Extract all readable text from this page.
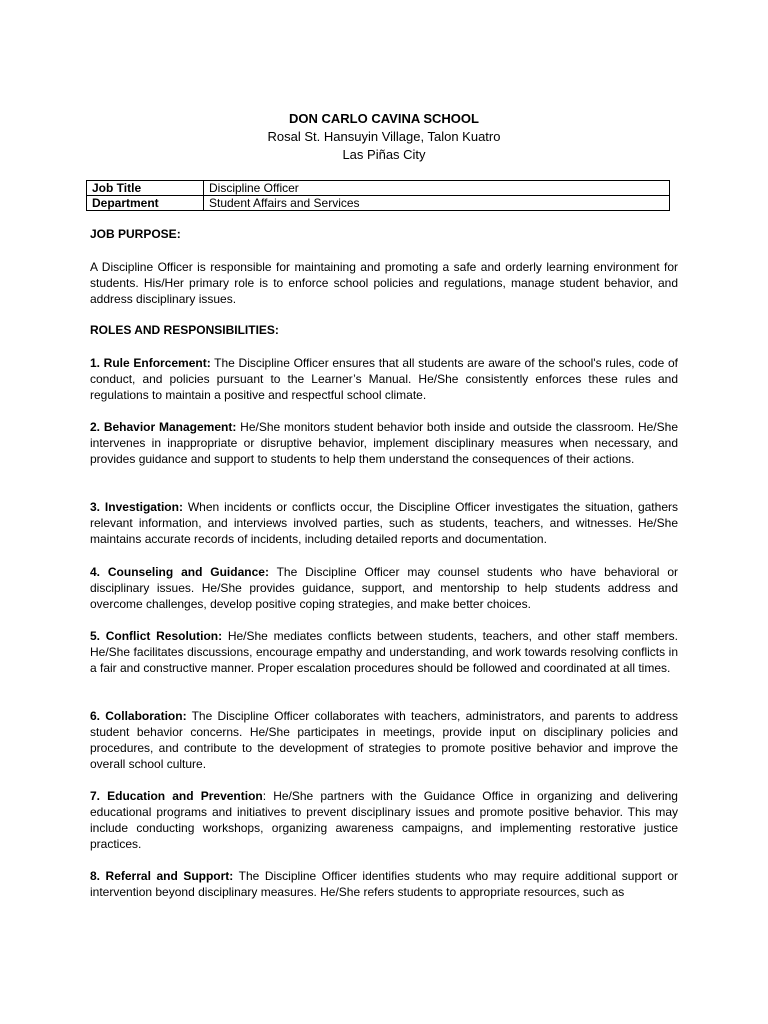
DON CARLO CAVINA SCHOOL
Rosal St. Hansuyin Village, Talon Kuatro
Las Piñas City
Job Title	Discipline Officer
Department	Student Affairs and Services
JOB PURPOSE:
A Discipline Officer is responsible for maintaining and promoting a safe and orderly learning environment for students. His/Her primary role is to enforce school policies and regulations, manage student behavior, and address disciplinary issues.
ROLES AND RESPONSIBILITIES:
1. Rule Enforcement: The Discipline Officer ensures that all students are aware of the school's rules, code of conduct, and policies pursuant to the Learner’s Manual. He/She consistently enforces these rules and regulations to maintain a positive and respectful school climate.
2. Behavior Management: He/She monitors student behavior both inside and outside the classroom. He/She intervenes in inappropriate or disruptive behavior, implement disciplinary measures when necessary, and provides guidance and support to students to help them understand the consequences of their actions.
3. Investigation: When incidents or conflicts occur, the Discipline Officer investigates the situation, gathers relevant information, and interviews involved parties, such as students, teachers, and witnesses. He/She maintains accurate records of incidents, including detailed reports and documentation.
4. Counseling and Guidance: The Discipline Officer may counsel students who have behavioral or disciplinary issues. He/She provides guidance, support, and mentorship to help students address and overcome challenges, develop positive coping strategies, and make better choices.
5. Conflict Resolution: He/She mediates conflicts between students, teachers, and other staff members. He/She facilitates discussions, encourage empathy and understanding, and work towards resolving conflicts in a fair and constructive manner. Proper escalation procedures should be followed and coordinated at all times.
6. Collaboration: The Discipline Officer collaborates with teachers, administrators, and parents to address student behavior concerns. He/She participates in meetings, provide input on disciplinary policies and procedures, and contribute to the development of strategies to promote positive behavior and improve the overall school culture.
7. Education and Prevention: He/She partners with the Guidance Office in organizing and delivering educational programs and initiatives to prevent disciplinary issues and promote positive behavior. This may include conducting workshops, organizing awareness campaigns, and implementing restorative justice practices.
8. Referral and Support: The Discipline Officer identifies students who may require additional support or intervention beyond disciplinary measures. He/She refers students to appropriate resources, such as
